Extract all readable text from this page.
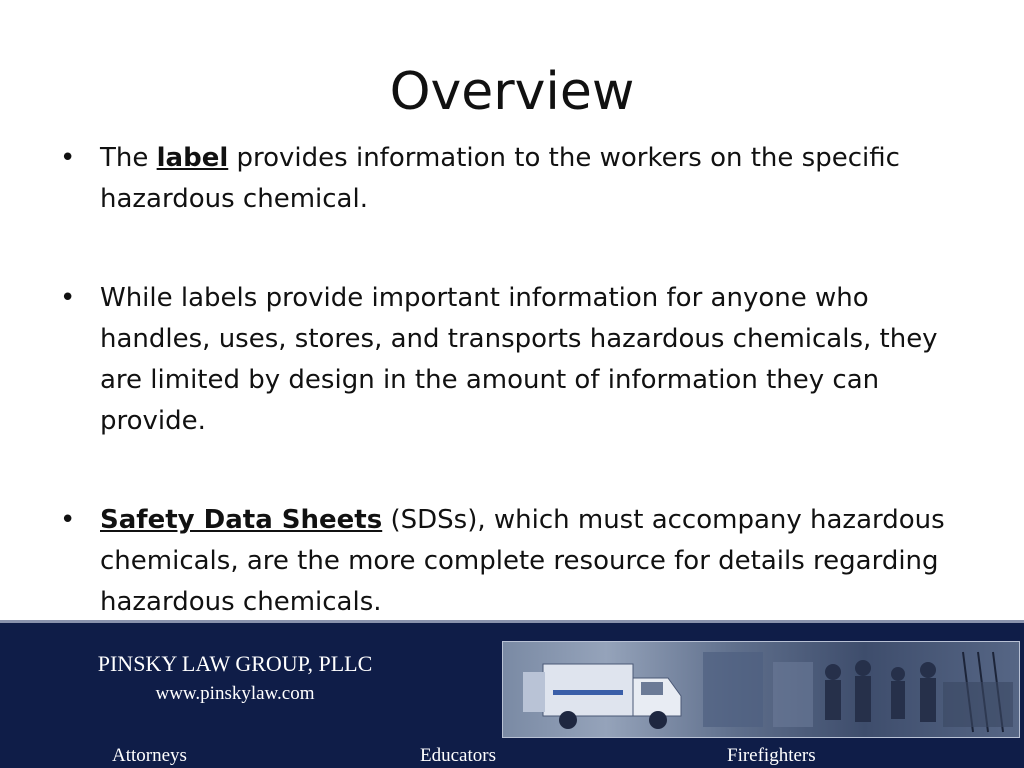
Overview
• The label provides information to the workers on the specific hazardous chemical.
• While labels provide important information for anyone who handles, uses, stores, and transports hazardous chemicals, they are limited by design in the amount of information they can provide.
• Safety Data Sheets (SDSs), which must accompany hazardous chemicals, are the more complete resource for details regarding hazardous chemicals.
PINSKY LAW GROUP, PLLC
www.pinskylaw.com
Attorneys	Educators	Firefighters
